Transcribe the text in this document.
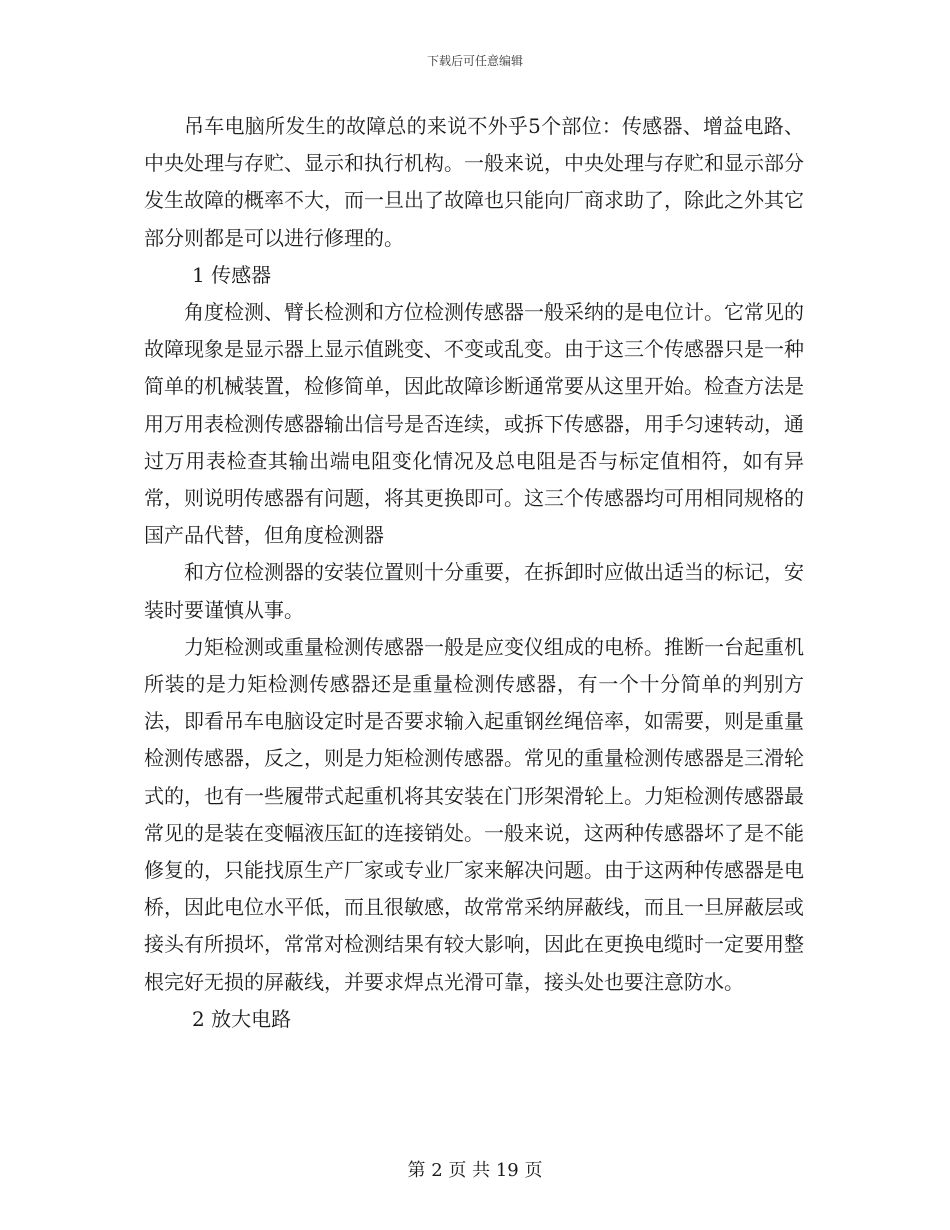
下载后可任意编辑

吊车电脑所发生的故障总的来说不外乎5个部位：传感器、增益电路、中央处理与存贮、显示和执行机构。一般来说，中央处理与存贮和显示部分发生故障的概率不大，而一旦出了故障也只能向厂商求助了，除此之外其它部分则都是可以进行修理的。

1 传感器

角度检测、臂长检测和方位检测传感器一般采纳的是电位计。它常见的故障现象是显示器上显示值跳变、不变或乱变。由于这三个传感器只是一种简单的机械装置，检修简单，因此故障诊断通常要从这里开始。检查方法是用万用表检测传感器输出信号是否连续，或拆下传感器，用手匀速转动，通过万用表检查其输出端电阻变化情况及总电阻是否与标定值相符，如有异常，则说明传感器有问题，将其更换即可。这三个传感器均可用相同规格的国产品代替，但角度检测器

和方位检测器的安装位置则十分重要，在拆卸时应做出适当的标记，安装时要谨慎从事。

力矩检测或重量检测传感器一般是应变仪组成的电桥。推断一台起重机所装的是力矩检测传感器还是重量检测传感器，有一个十分简单的判别方法，即看吊车电脑设定时是否要求输入起重钢丝绳倍率，如需要，则是重量检测传感器，反之，则是力矩检测传感器。常见的重量检测传感器是三滑轮式的，也有一些履带式起重机将其安装在门形架滑轮上。力矩检测传感器最常见的是装在变幅液压缸的连接销处。一般来说，这两种传感器坏了是不能修复的，只能找原生产厂家或专业厂家来解决问题。由于这两种传感器是电桥，因此电位水平低，而且很敏感，故常常采纳屏蔽线，而且一旦屏蔽层或接头有所损坏，常常对检测结果有较大影响，因此在更换电缆时一定要用整根完好无损的屏蔽线，并要求焊点光滑可靠，接头处也要注意防水。

2 放大电路

第 2 页 共 19 页
